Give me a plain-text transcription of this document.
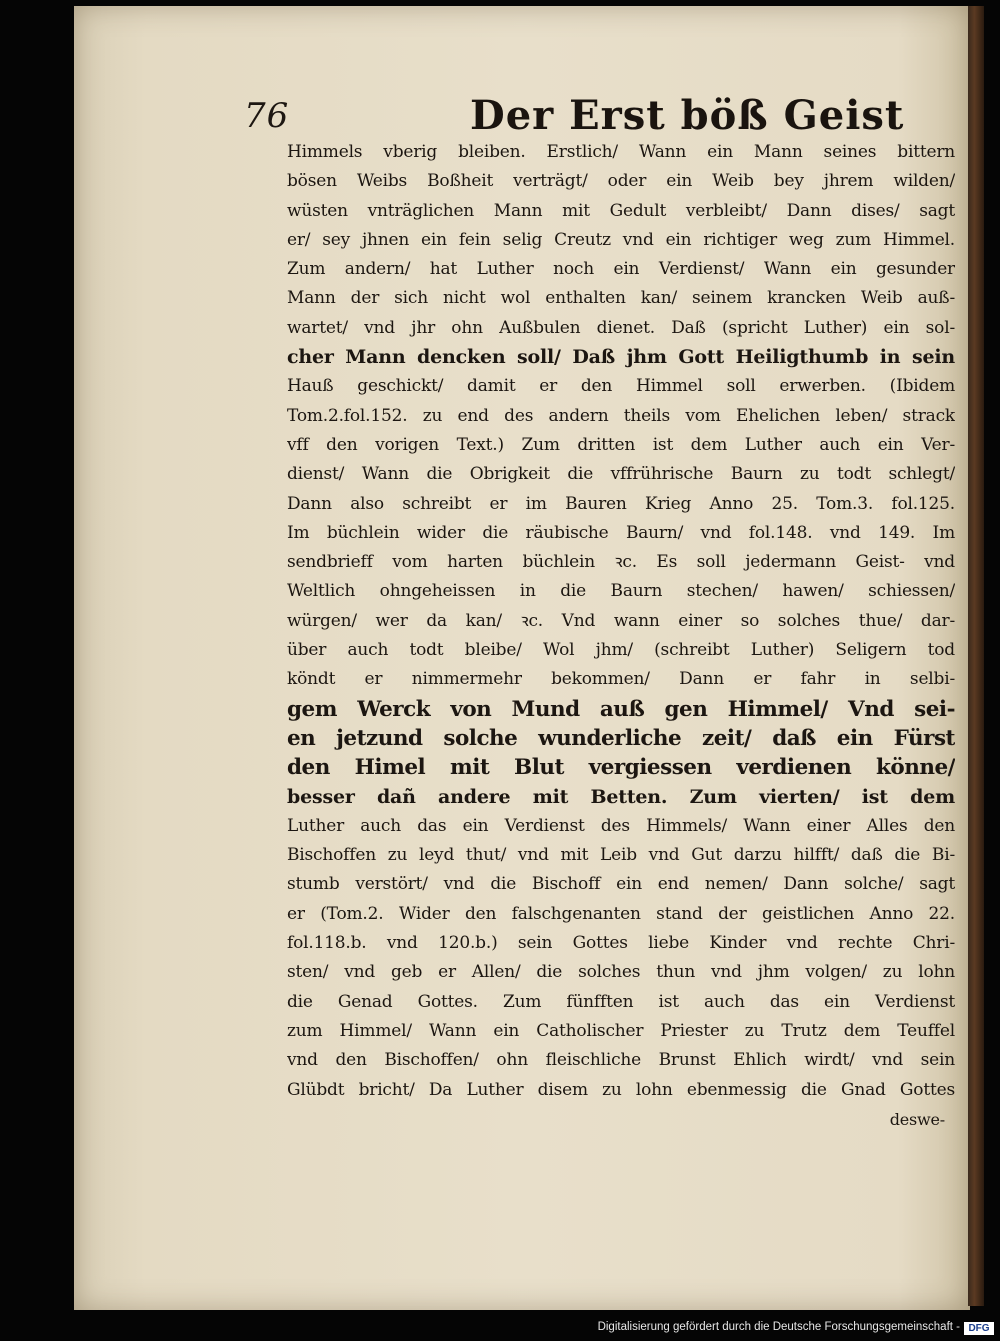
76	Der Erst böß Geist
Himmels vberig bleiben. Erstlich/ Wann ein Mann seines bittern
bösen Weibs Boßheit verträgt/ oder ein Weib bey jhrem wilden/
wüsten vnträglichen Mann mit Gedult verbleibt/ Dann dises/ sagt
er/ sey jhnen ein fein selig Creutz vnd ein richtiger weg zum Himmel.
Zum andern/ hat Luther noch ein Verdienst/ Wann ein gesunder
Mann der sich nicht wol enthalten kan/ seinem krancken Weib auß-
wartet/ vnd jhr ohn Außbulen dienet. Daß (spricht Luther) ein sol-
cher Mann dencken soll/ Daß jhm Gott Heiligthumb in sein
Hauß geschickt/ damit er den Himmel soll erwerben. (Ibidem
Tom.2.fol.152. zu end des andern theils vom Ehelichen leben/ strack
vff den vorigen Text.) Zum dritten ist dem Luther auch ein Ver-
dienst/ Wann die Obrigkeit die vffrührische Baurn zu todt schlegt/
Dann also schreibt er im Bauren Krieg Anno 25. Tom.3. fol.125.
Im büchlein wider die räubische Baurn/ vnd fol.148. vnd 149. Im
sendbrieff vom harten büchlein ꝛc. Es soll jedermann Geist- vnd
Weltlich ohngeheissen in die Baurn stechen/ hawen/ schiessen/
würgen/ wer da kan/ ꝛc. Vnd wann einer so solches thue/ dar-
über auch todt bleibe/ Wol jhm/ (schreibt Luther) Seligern tod
köndt er nimmermehr bekommen/ Dann er fahr in selbi-
gem Werck von Mund auß gen Himmel/ Vnd sei-
en jetzund solche wunderliche zeit/ daß ein Fürst
den Himel mit Blut vergiessen verdienen könne/
besser dañ andere mit Betten. Zum vierten/ ist dem
Luther auch das ein Verdienst des Himmels/ Wann einer Alles den
Bischoffen zu leyd thut/ vnd mit Leib vnd Gut darzu hilfft/ daß die Bi-
stumb verstört/ vnd die Bischoff ein end nemen/ Dann solche/ sagt
er (Tom.2. Wider den falschgenanten stand der geistlichen Anno 22.
fol.118.b. vnd 120.b.) sein Gottes liebe Kinder vnd rechte Chri-
sten/ vnd geb er Allen/ die solches thun vnd jhm volgen/ zu lohn
die Genad Gottes. Zum fünfften ist auch das ein Verdienst
zum Himmel/ Wann ein Catholischer Priester zu Trutz dem Teuffel
vnd den Bischoffen/ ohn fleischliche Brunst Ehlich wirdt/ vnd sein
Glübdt bricht/ Da Luther disem zu lohn ebenmessig die Gnad Gottes
deswe-
Digitalisierung gefördert durch die Deutsche Forschungsgemeinschaft - DFG
